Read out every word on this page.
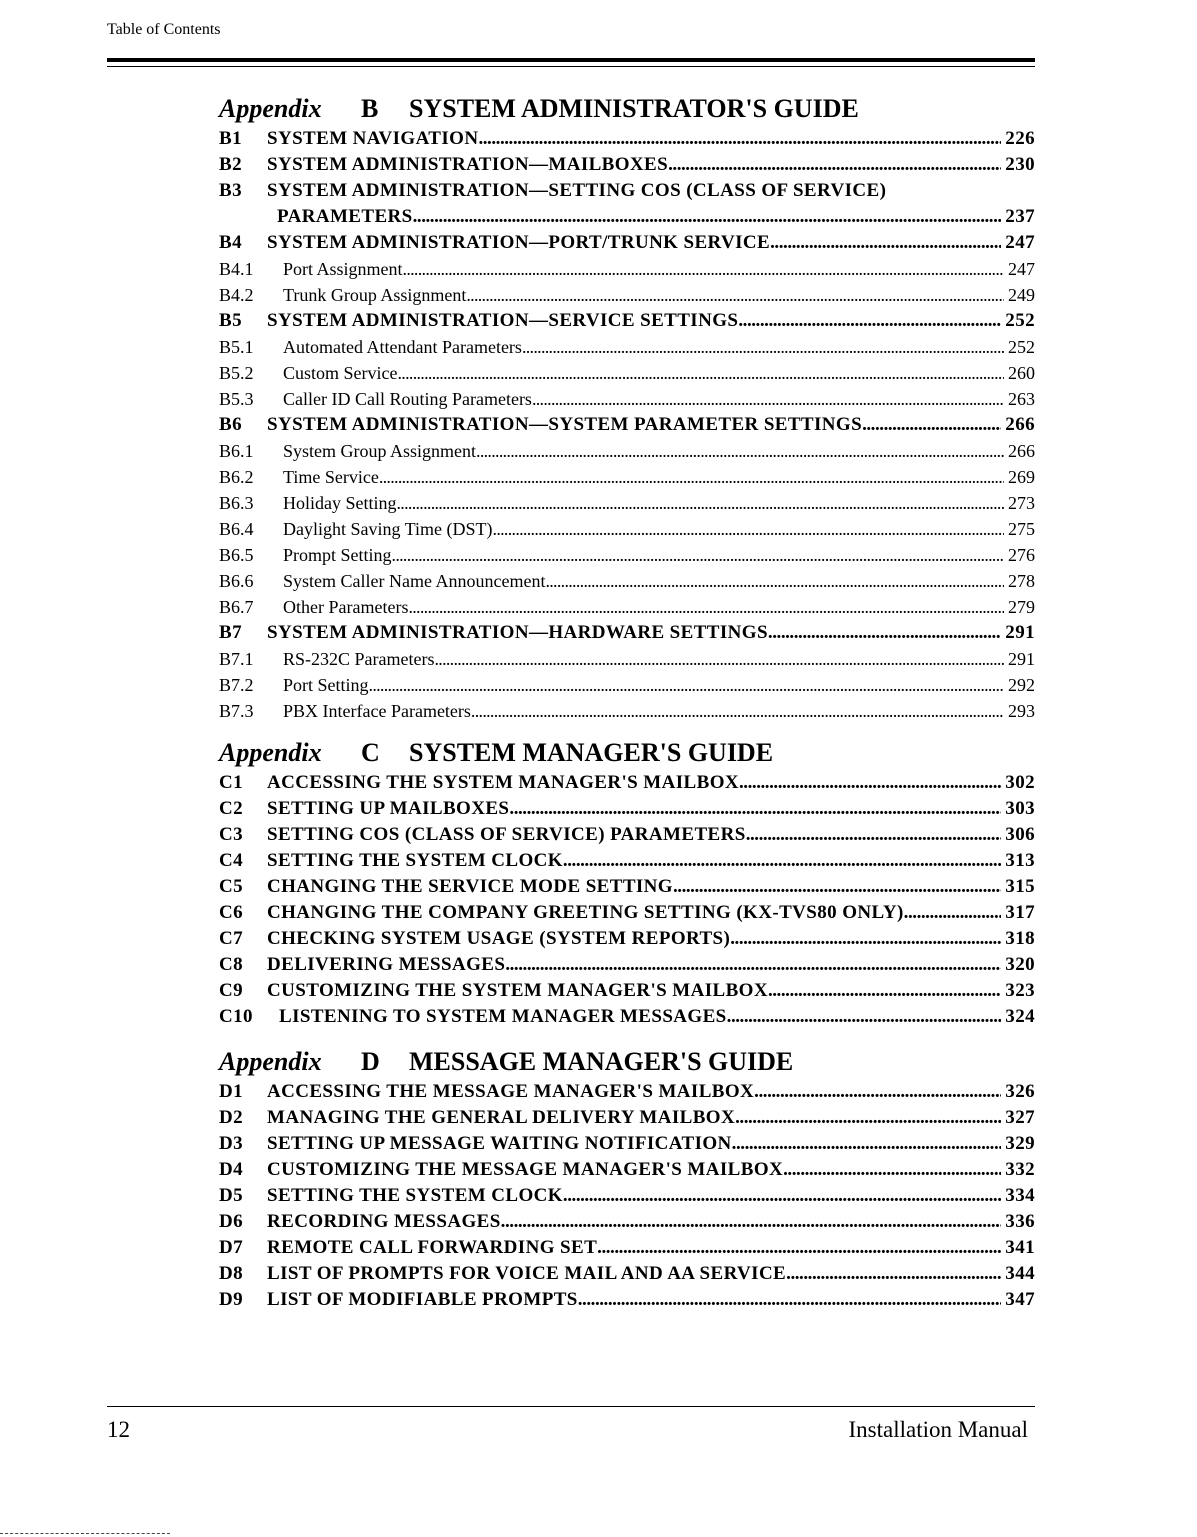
Table of Contents
Appendix	B	SYSTEM ADMINISTRATOR'S GUIDE
B1	SYSTEM NAVIGATION . . .	226
B2	SYSTEM ADMINISTRATION—MAILBOXES . . .	230
B3	SYSTEM ADMINISTRATION—SETTING COS (CLASS OF SERVICE)
PARAMETERS . . .	237
B4	SYSTEM ADMINISTRATION—PORT/TRUNK SERVICE . . .	247
B4.1	Port Assignment . . .	247
B4.2	Trunk Group Assignment . . .	249
B5	SYSTEM ADMINISTRATION—SERVICE SETTINGS . . .	252
B5.1	Automated Attendant Parameters . . .	252
B5.2	Custom Service . . .	260
B5.3	Caller ID Call Routing Parameters . . .	263
B6	SYSTEM ADMINISTRATION—SYSTEM PARAMETER SETTINGS . . .	266
B6.1	System Group Assignment . . .	266
B6.2	Time Service . . .	269
B6.3	Holiday Setting . . .	273
B6.4	Daylight Saving Time (DST) . . .	275
B6.5	Prompt Setting . . .	276
B6.6	System Caller Name Announcement . . .	278
B6.7	Other Parameters . . .	279
B7	SYSTEM ADMINISTRATION—HARDWARE SETTINGS . . .	291
B7.1	RS-232C Parameters . . .	291
B7.2	Port Setting . . .	292
B7.3	PBX Interface Parameters . . .	293
Appendix	C	SYSTEM MANAGER'S GUIDE
C1	ACCESSING THE SYSTEM MANAGER'S MAILBOX . . .	302
C2	SETTING UP MAILBOXES . . .	303
C3	SETTING COS (CLASS OF SERVICE) PARAMETERS . . .	306
C4	SETTING THE SYSTEM CLOCK . . .	313
C5	CHANGING THE SERVICE MODE SETTING . . .	315
C6	CHANGING THE COMPANY GREETING SETTING (KX-TVS80 ONLY) . . .	317
C7	CHECKING SYSTEM USAGE (SYSTEM REPORTS) . . .	318
C8	DELIVERING MESSAGES . . .	320
C9	CUSTOMIZING THE SYSTEM MANAGER'S MAILBOX . . .	323
C10	LISTENING TO SYSTEM MANAGER MESSAGES . . .	324
Appendix	D	MESSAGE MANAGER'S GUIDE
D1	ACCESSING THE MESSAGE MANAGER'S MAILBOX . . .	326
D2	MANAGING THE GENERAL DELIVERY MAILBOX . . .	327
D3	SETTING UP MESSAGE WAITING NOTIFICATION . . .	329
D4	CUSTOMIZING THE MESSAGE MANAGER'S MAILBOX . . .	332
D5	SETTING THE SYSTEM CLOCK . . .	334
D6	RECORDING MESSAGES . . .	336
D7	REMOTE CALL FORWARDING SET . . .	341
D8	LIST OF PROMPTS FOR VOICE MAIL AND AA SERVICE . . .	344
D9	LIST OF MODIFIABLE PROMPTS . . .	347
12	Installation Manual
